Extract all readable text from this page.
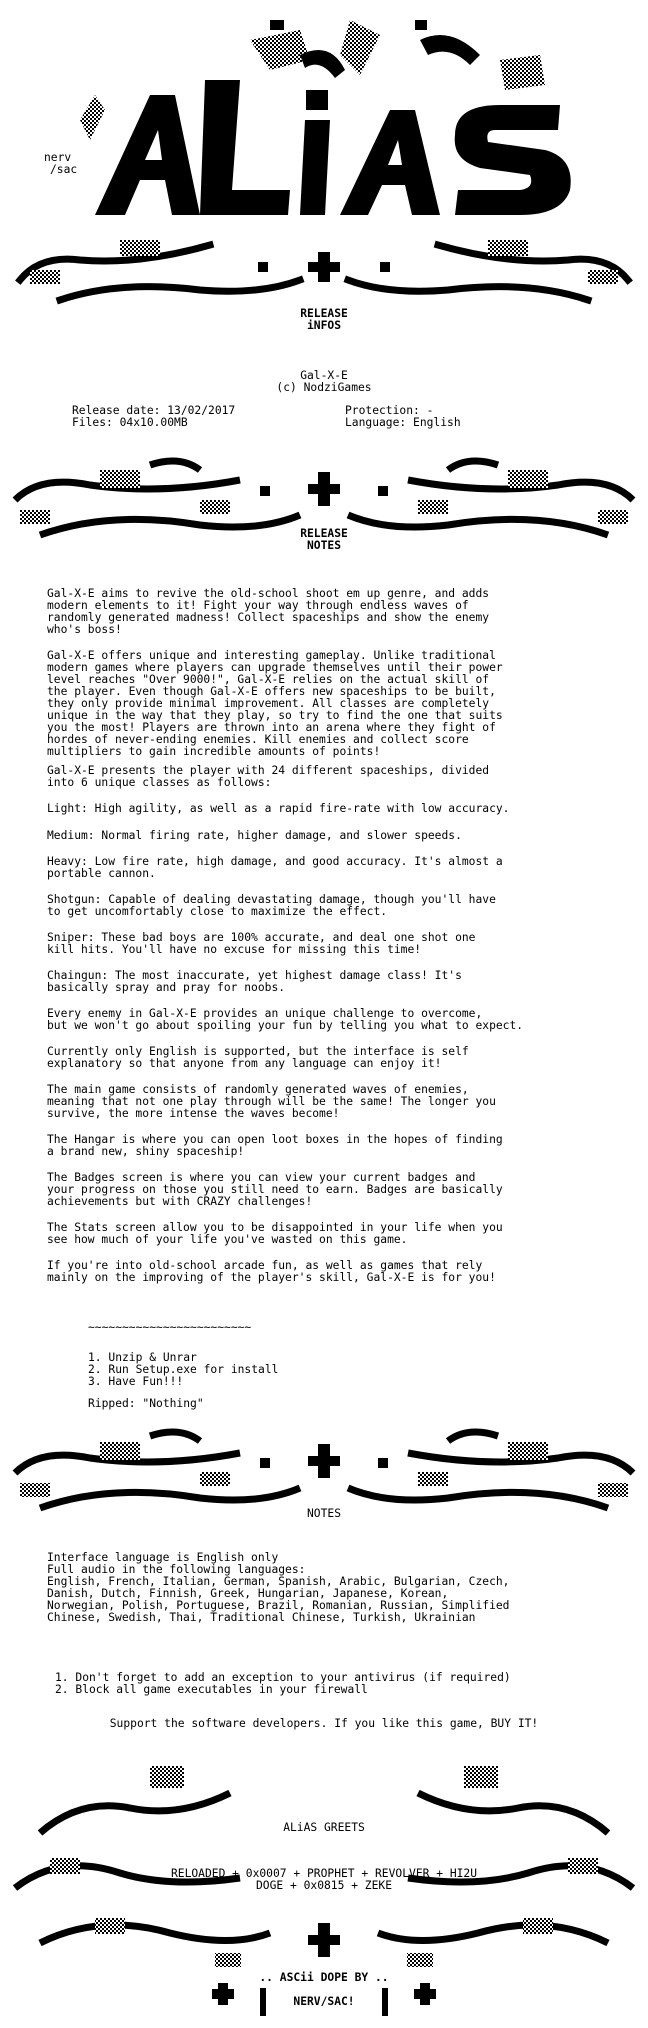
nerv
/sac
RELEASE
iNFOS
Gal-X-E
(c) NodziGames
Release date: 13/02/2017
Files: 04x10.00MB
Protection: -
Language: English
RELEASE
NOTES
Gal-X-E aims to revive the old-school shoot em up genre, and adds
modern elements to it! Fight your way through endless waves of
randomly generated madness! Collect spaceships and show the enemy
who's boss!
Gal-X-E offers unique and interesting gameplay. Unlike traditional
modern games where players can upgrade themselves until their power
level reaches "Over 9000!", Gal-X-E relies on the actual skill of
the player. Even though Gal-X-E offers new spaceships to be built,
they only provide minimal improvement. All classes are completely
unique in the way that they play, so try to find the one that suits
you the most! Players are thrown into an arena where they fight of
hordes of never-ending enemies. Kill enemies and collect score
multipliers to gain incredible amounts of points!
Gal-X-E presents the player with 24 different spaceships, divided
into 6 unique classes as follows:
Light: High agility, as well as a rapid fire-rate with low accuracy.
Medium: Normal firing rate, higher damage, and slower speeds.
Heavy: Low fire rate, high damage, and good accuracy. It's almost a
portable cannon.
Shotgun: Capable of dealing devastating damage, though you'll have
to get uncomfortably close to maximize the effect.
Sniper: These bad boys are 100% accurate, and deal one shot one
kill hits. You'll have no excuse for missing this time!
Chaingun: The most inaccurate, yet highest damage class! It's
basically spray and pray for noobs.
Every enemy in Gal-X-E provides an unique challenge to overcome,
but we won't go about spoiling your fun by telling you what to expect.
Currently only English is supported, but the interface is self
explanatory so that anyone from any language can enjoy it!
The main game consists of randomly generated waves of enemies,
meaning that not one play through will be the same! The longer you
survive, the more intense the waves become!
The Hangar is where you can open loot boxes in the hopes of finding
a brand new, shiny spaceship!
The Badges screen is where you can view your current badges and
your progress on those you still need to earn. Badges are basically
achievements but with CRAZY challenges!
The Stats screen allow you to be disappointed in your life when you
see how much of your life you've wasted on this game.
If you're into old-school arcade fun, as well as games that rely
mainly on the improving of the player's skill, Gal-X-E is for you!
~~~~~~~~~~~~~~~~~~~~~~~~
1. Unzip & Unrar
2. Run Setup.exe for install
3. Have Fun!!!
Ripped: "Nothing"
NOTES
Interface language is English only
Full audio in the following languages:
English, French, Italian, German, Spanish, Arabic, Bulgarian, Czech,
Danish, Dutch, Finnish, Greek, Hungarian, Japanese, Korean,
Norwegian, Polish, Portuguese, Brazil, Romanian, Russian, Simplified
Chinese, Swedish, Thai, Traditional Chinese, Turkish, Ukrainian
1. Don't forget to add an exception to your antivirus (if required)
2. Block all game executables in your firewall
Support the software developers. If you like this game, BUY IT!
ALiAS GREETS
RELOADED + 0x0007 + PROPHET + REVOLVER + HI2U
DOGE + 0x0815 + ZEKE
.. ASCii DOPE BY ..
NERV/SAC!
